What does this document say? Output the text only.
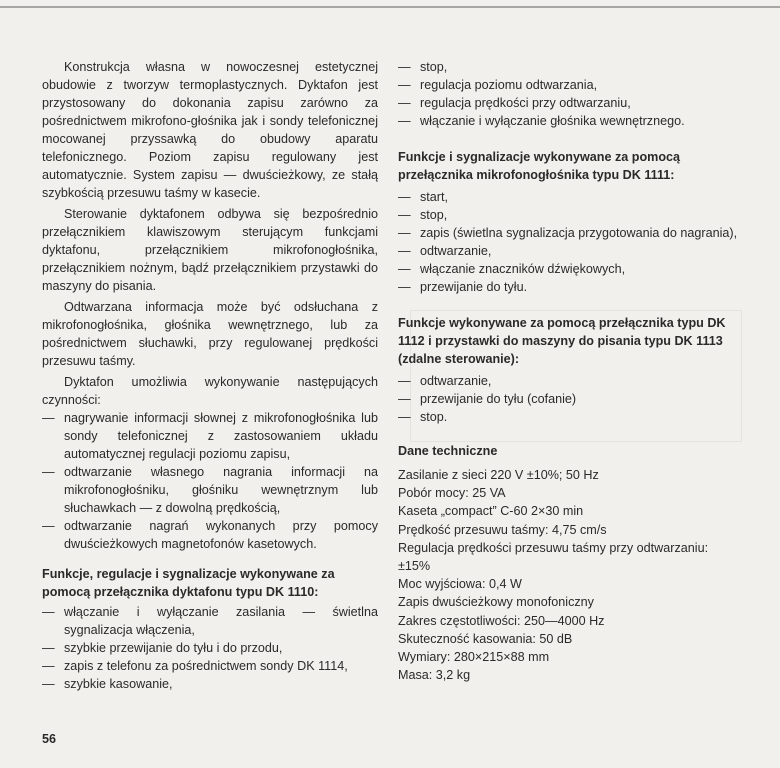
Konstrukcja własna w nowoczesnej estetycznej obudowie z tworzyw termoplastycznych. Dyktafon jest przystosowany do dokonania zapisu zarówno za pośrednictwem mikrofono-głośnika jak i sondy telefonicznej mocowanej przyssawką do obudowy aparatu telefonicznego. Poziom zapisu regulowany jest automatycznie. System zapisu — dwuścieżkowy, ze stałą szybkością przesuwu taśmy w kasecie.

Sterowanie dyktafonem odbywa się bezpośrednio przełącznikiem klawiszowym sterującym funkcjami dyktafonu, przełącznikiem mikrofonogłośnika, przełącznikiem nożnym, bądź przełącznikiem przystawki do maszyny do pisania.

Odtwarzana informacja może być odsłuchana z mikrofonogłośnika, głośnika wewnętrznego, lub za pośrednictwem słuchawki, przy regulowanej prędkości przesuwu taśmy.

Dyktafon umożliwia wykonywanie następujących czynności:

— nagrywanie informacji słownej z mikrofonogłośnika lub sondy telefonicznej z zastosowaniem układu automatycznej regulacji poziomu zapisu,
— odtwarzanie własnego nagrania informacji na mikrofonogłośniku, głośniku wewnętrznym lub słuchawkach — z dowolną prędkością,
— odtwarzanie nagrań wykonanych przy pomocy dwuścieżkowych magnetofonów kasetowych.

Funkcje, regulacje i sygnalizacje wykonywane za pomocą przełącznika dyktafonu typu DK 1110:

— włączanie i wyłączanie zasilania — świetlna sygnalizacja włączenia,
— szybkie przewijanie do tyłu i do przodu,
— zapis z telefonu za pośrednictwem sondy DK 1114,
— szybkie kasowanie,
— stop,
— regulacja poziomu odtwarzania,
— regulacja prędkości przy odtwarzaniu,
— włączanie i wyłączanie głośnika wewnętrznego.

Funkcje i sygnalizacje wykonywane za pomocą przełącznika mikrofonogłośnika typu DK 1111:

— start,
— stop,
— zapis (świetlna sygnalizacja przygotowania do nagrania),
— odtwarzanie,
— włączanie znaczników dźwiękowych,
— przewijanie do tyłu.

Funkcje wykonywane za pomocą przełącznika typu DK 1112 i przystawki do maszyny do pisania typu DK 1113 (zdalne sterowanie):

— odtwarzanie,
— przewijanie do tyłu (cofanie)
— stop.

Dane techniczne

Zasilanie z sieci 220 V ±10%; 50 Hz

Pobór mocy: 25 VA

Kaseta „compact” C-60 2×30 min

Prędkość przesuwu taśmy: 4,75 cm/s

Regulacja prędkości przesuwu taśmy przy odtwarzaniu: ±15%

Moc wyjściowa: 0,4 W

Zapis dwuścieżkowy monofoniczny

Zakres częstotliwości: 250—4000 Hz

Skuteczność kasowania: 50 dB

Wymiary: 280×215×88 mm

Masa: 3,2 kg

56
